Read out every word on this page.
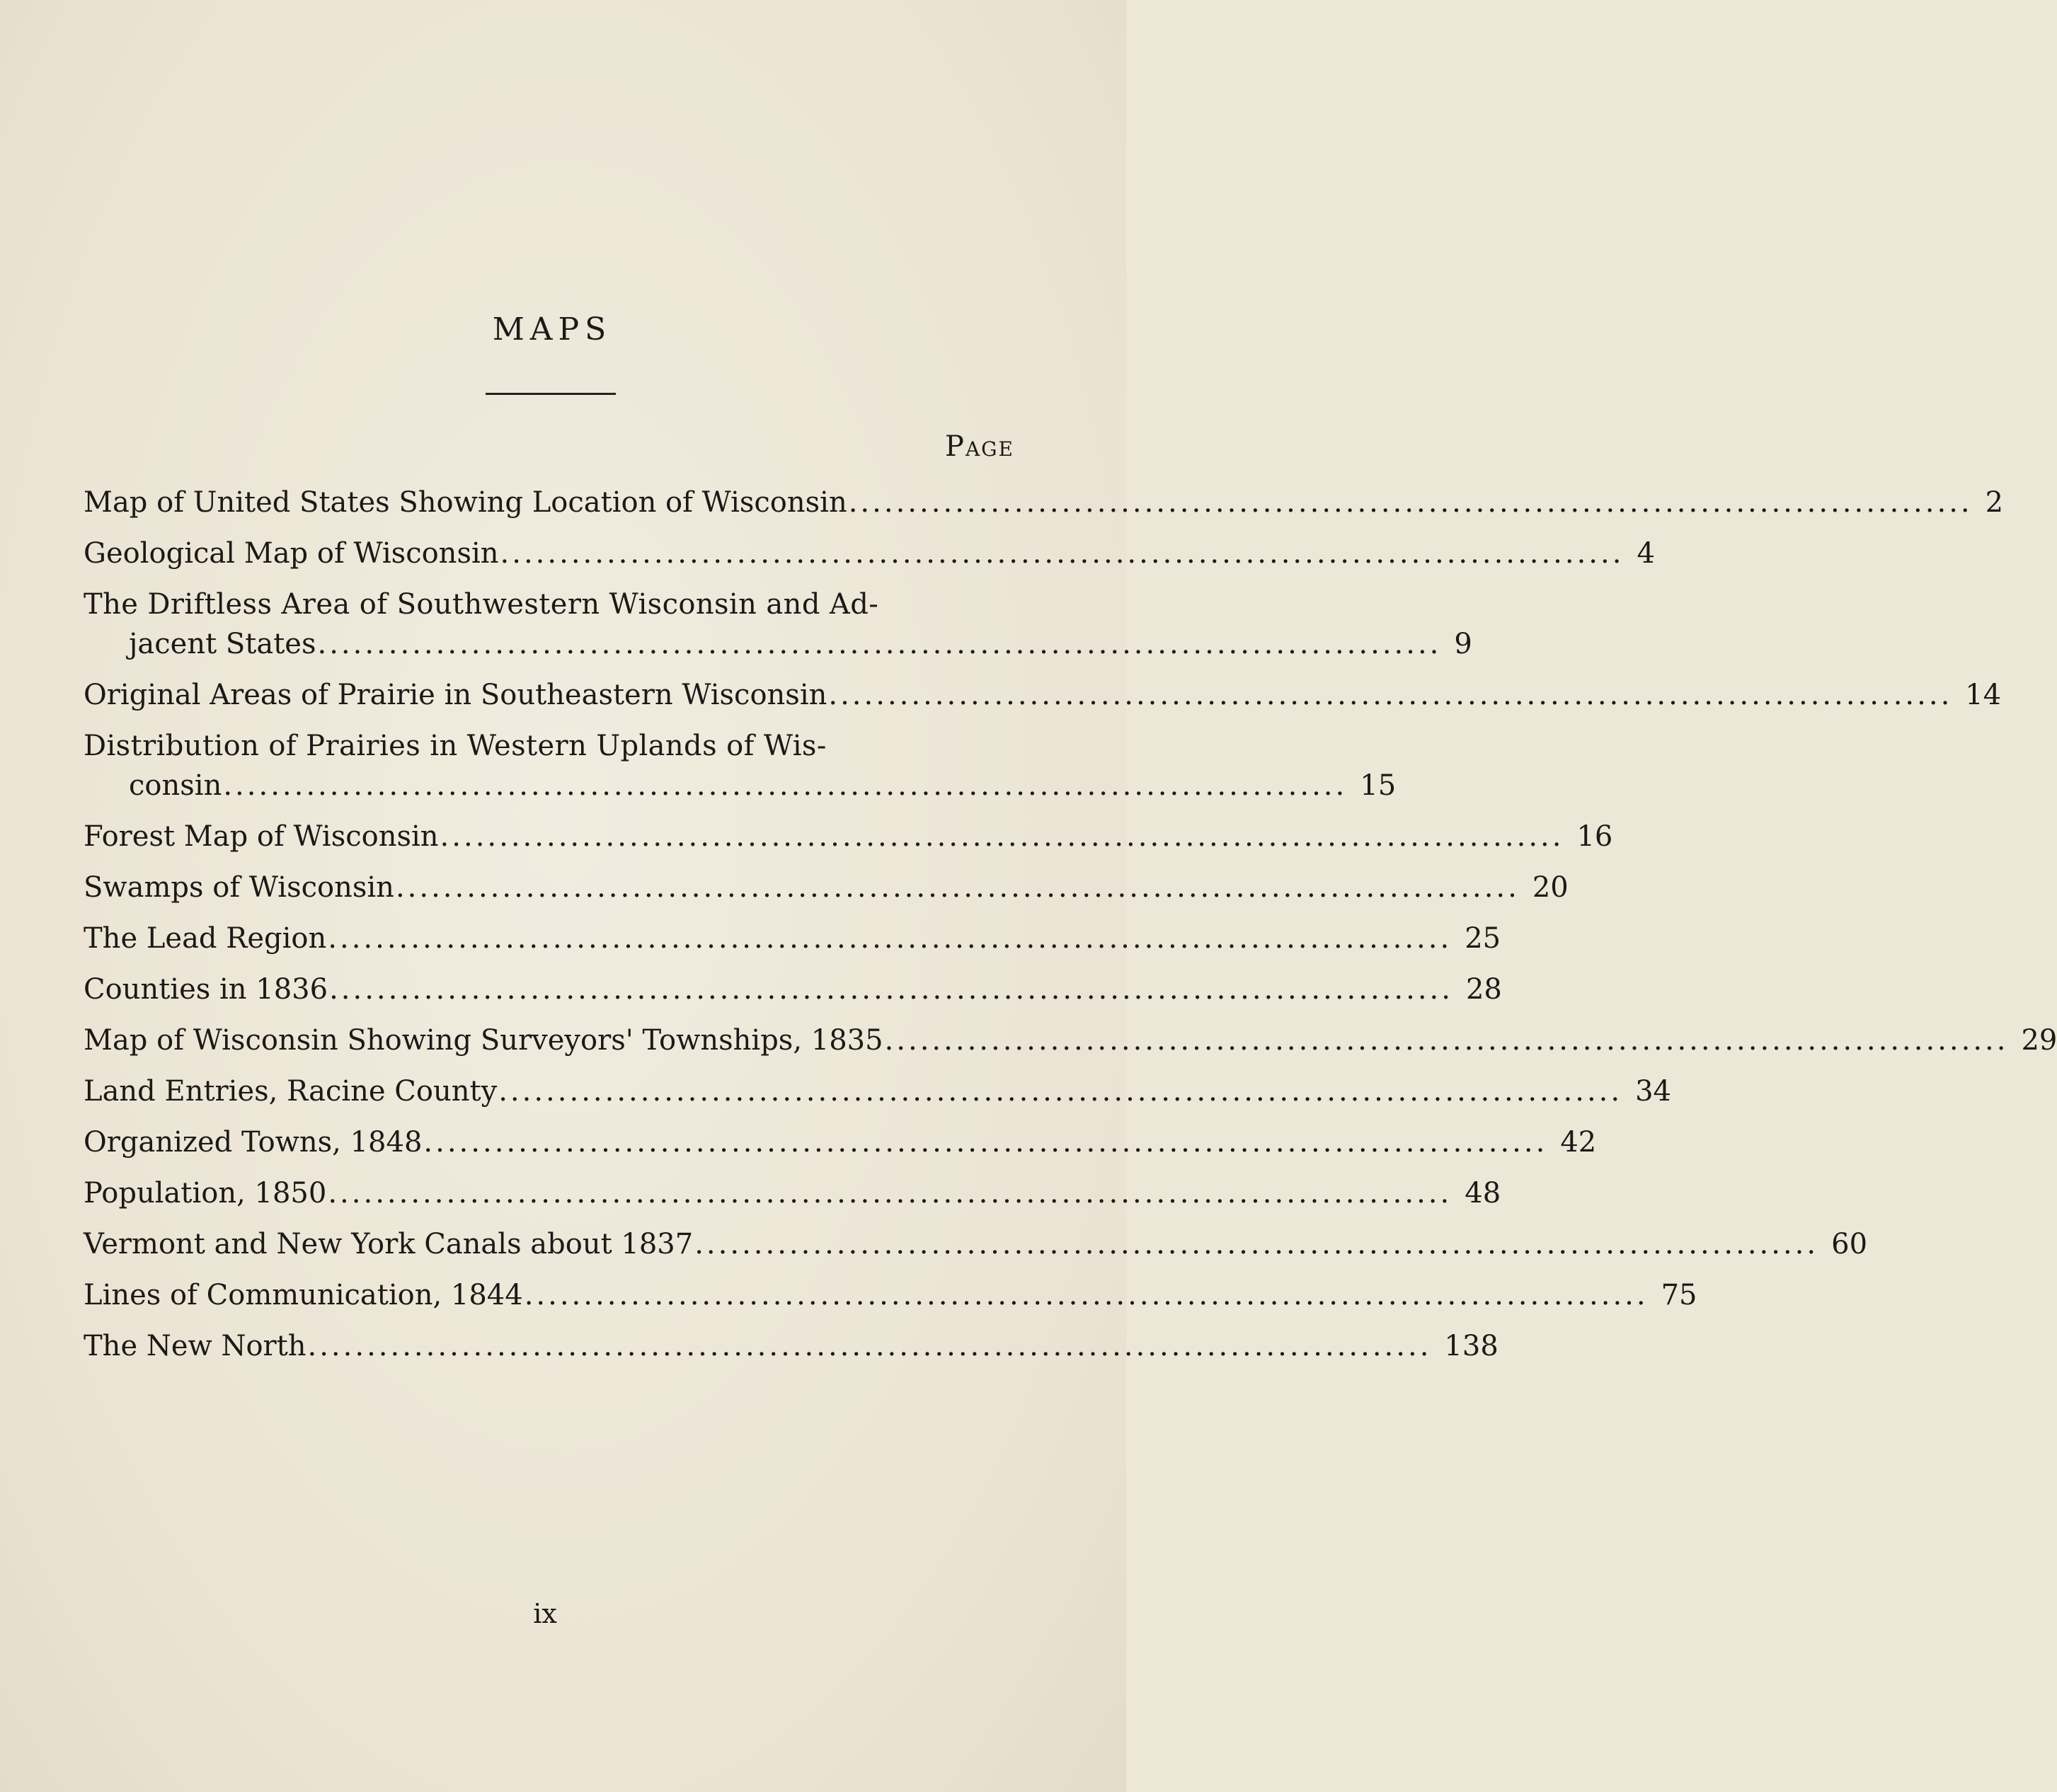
MAPS
Page
Map of United States Showing Location of Wisconsin ............................................................................................... 2
Geological Map of Wisconsin ............................................................................................... 4
The Driftless Area of Southwestern Wisconsin and Ad-
jacent States ............................................................................................... 9
Original Areas of Prairie in Southeastern Wisconsin ............................................................................................... 14
Distribution of Prairies in Western Uplands of Wis-
consin ............................................................................................... 15
Forest Map of Wisconsin ............................................................................................... 16
Swamps of Wisconsin ............................................................................................... 20
The Lead Region ............................................................................................... 25
Counties in 1836 ............................................................................................... 28
Map of Wisconsin Showing Surveyors' Townships, 1835 ............................................................................................... 29
Land Entries, Racine County ............................................................................................... 34
Organized Towns, 1848 ............................................................................................... 42
Population, 1850 ............................................................................................... 48
Vermont and New York Canals about 1837 ............................................................................................... 60
Lines of Communication, 1844 ............................................................................................... 75
The New North ............................................................................................... 138
ix
